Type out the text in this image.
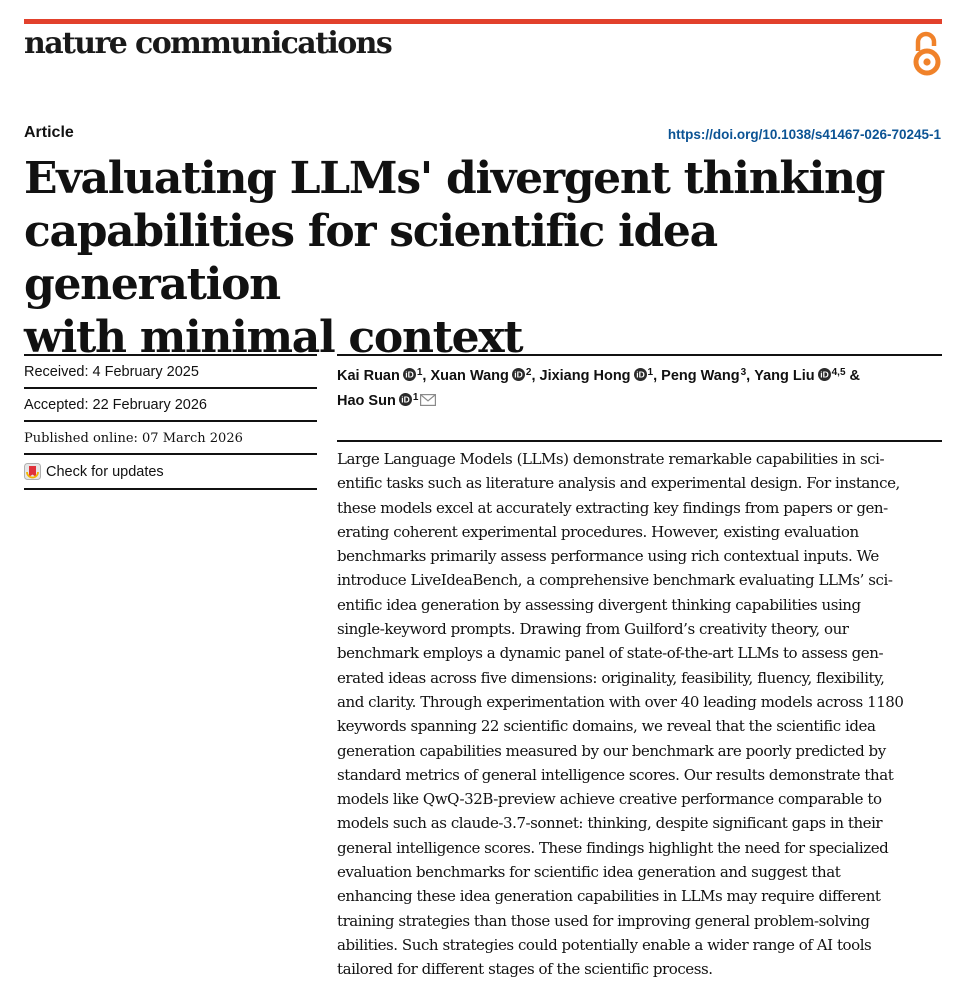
nature communications
Article	https://doi.org/10.1038/s41467-026-70245-1
Evaluating LLMs' divergent thinking
capabilities for scientific idea generation
with minimal context
Received: 4 February 2025
Accepted: 22 February 2026
Published online: 07 March 2026
Check for updates
Kai Ruan iD $^1$, Xuan Wang iD $^2$, Jixiang Hong iD $^1$, Peng Wang$^3$, Yang Liu iD $^{4,5}$ &
Hao Sun iD $^1$

Large Language Models (LLMs) demonstrate remarkable capabilities in sci-
entific tasks such as literature analysis and experimental design. For instance,
these models excel at accurately extracting key findings from papers or gen-
erating coherent experimental procedures. However, existing evaluation
benchmarks primarily assess performance using rich contextual inputs. We
introduce LiveIdeaBench, a comprehensive benchmark evaluating LLMs’ sci-
entific idea generation by assessing divergent thinking capabilities using
single-keyword prompts. Drawing from Guilford’s creativity theory, our
benchmark employs a dynamic panel of state-of-the-art LLMs to assess gen-
erated ideas across five dimensions: originality, feasibility, fluency, flexibility,
and clarity. Through experimentation with over 40 leading models across 1180
keywords spanning 22 scientific domains, we reveal that the scientific idea
generation capabilities measured by our benchmark are poorly predicted by
standard metrics of general intelligence scores. Our results demonstrate that
models like QwQ-32B-preview achieve creative performance comparable to
models such as claude-3.7-sonnet: thinking, despite significant gaps in their
general intelligence scores. These findings highlight the need for specialized
evaluation benchmarks for scientific idea generation and suggest that
enhancing these idea generation capabilities in LLMs may require different
training strategies than those used for improving general problem-solving
abilities. Such strategies could potentially enable a wider range of AI tools
tailored for different stages of the scientific process.
